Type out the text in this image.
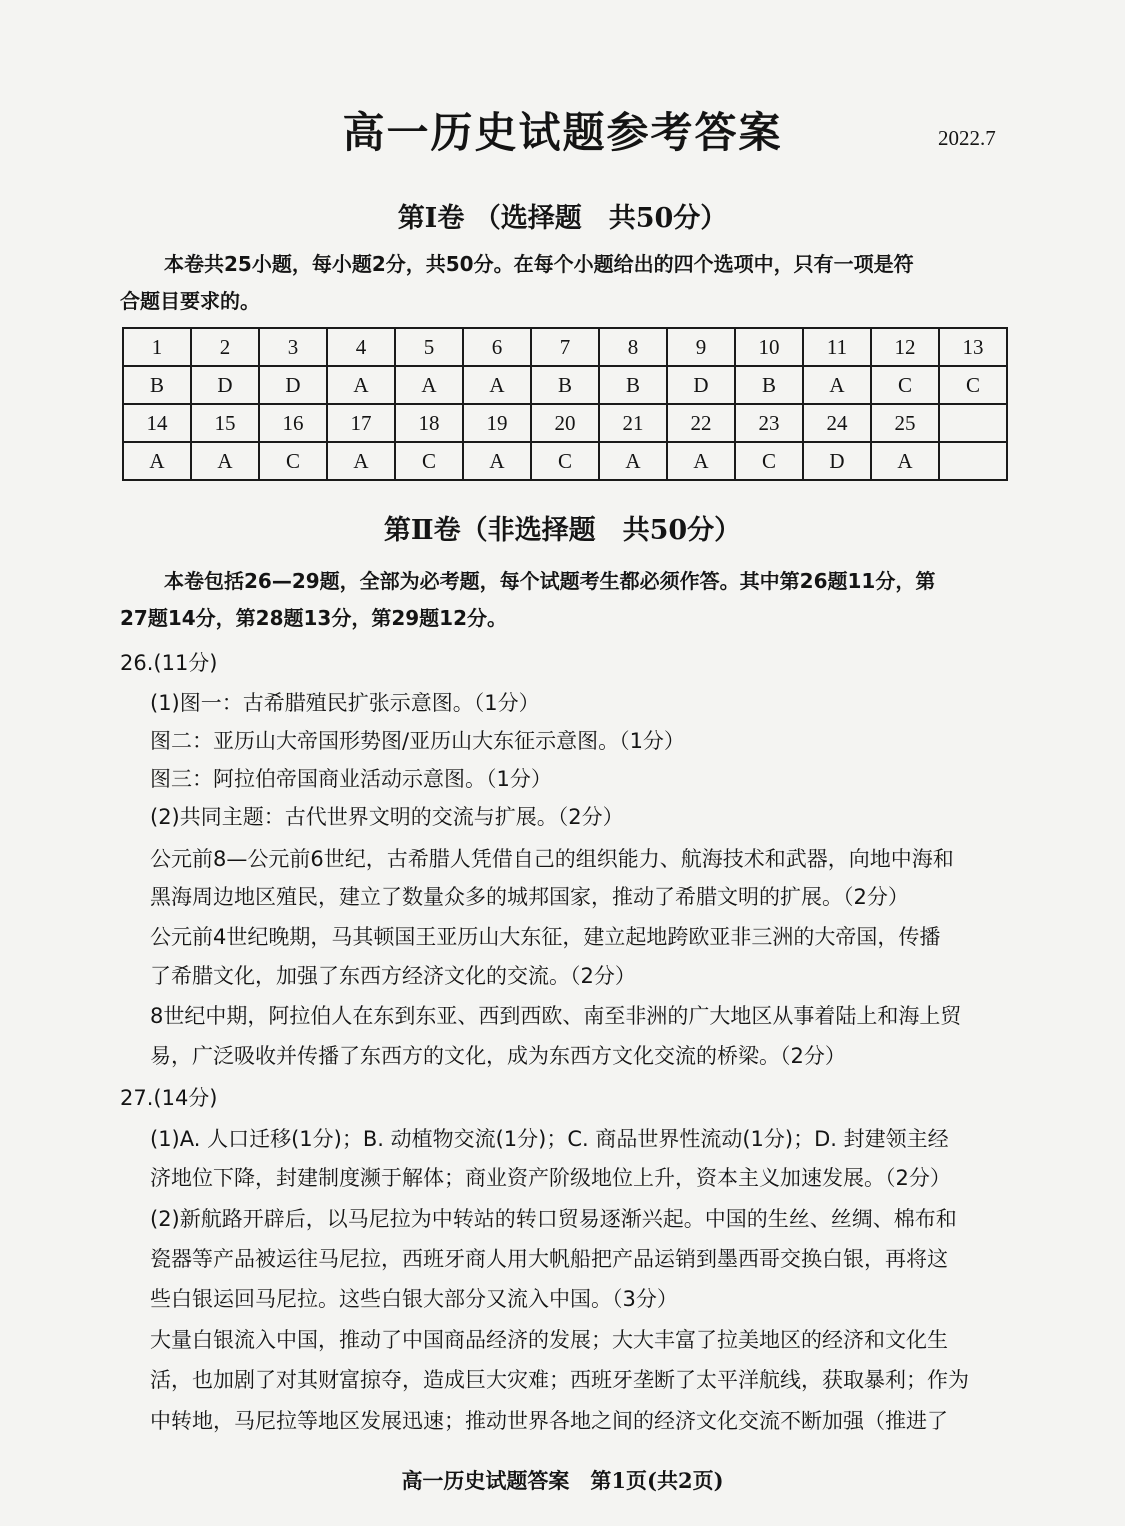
高一历史试题参考答案	2022.7
第Ⅰ卷 （选择题　共50分）
本卷共25小题，每小题2分，共50分。在每个小题给出的四个选项中，只有一项是符
合题目要求的。
1	2	3	4	5	6	7	8	9	10	11	12	13
B	D	D	A	A	A	B	B	D	B	A	C	C
14	15	16	17	18	19	20	21	22	23	24	25	
A	A	C	A	C	A	C	A	A	C	D	A	
第Ⅱ卷（非选择题　共50分）
本卷包括26—29题，全部为必考题，每个试题考生都必须作答。其中第26题11分，第
27题14分，第28题13分，第29题12分。
26.(11分)
(1)图一：古希腊殖民扩张示意图。（1分）
图二：亚历山大帝国形势图/亚历山大东征示意图。（1分）
图三：阿拉伯帝国商业活动示意图。（1分）
(2)共同主题：古代世界文明的交流与扩展。（2分）
公元前8—公元前6世纪，古希腊人凭借自己的组织能力、航海技术和武器，向地中海和
黑海周边地区殖民，建立了数量众多的城邦国家，推动了希腊文明的扩展。（2分）
公元前4世纪晚期，马其顿国王亚历山大东征，建立起地跨欧亚非三洲的大帝国，传播
了希腊文化，加强了东西方经济文化的交流。（2分）
8世纪中期，阿拉伯人在东到东亚、西到西欧、南至非洲的广大地区从事着陆上和海上贸
易，广泛吸收并传播了东西方的文化，成为东西方文化交流的桥梁。（2分）
27.(14分)
(1)A. 人口迁移(1分)；B. 动植物交流(1分)；C. 商品世界性流动(1分)；D. 封建领主经
济地位下降，封建制度濒于解体；商业资产阶级地位上升，资本主义加速发展。（2分）
(2)新航路开辟后，以马尼拉为中转站的转口贸易逐渐兴起。中国的生丝、丝绸、棉布和
瓷器等产品被运往马尼拉，西班牙商人用大帆船把产品运销到墨西哥交换白银，再将这
些白银运回马尼拉。这些白银大部分又流入中国。（3分）
大量白银流入中国，推动了中国商品经济的发展；大大丰富了拉美地区的经济和文化生
活，也加剧了对其财富掠夺，造成巨大灾难；西班牙垄断了太平洋航线，获取暴利；作为
中转地，马尼拉等地区发展迅速；推动世界各地之间的经济文化交流不断加强（推进了
高一历史试题答案　第1页(共2页)
